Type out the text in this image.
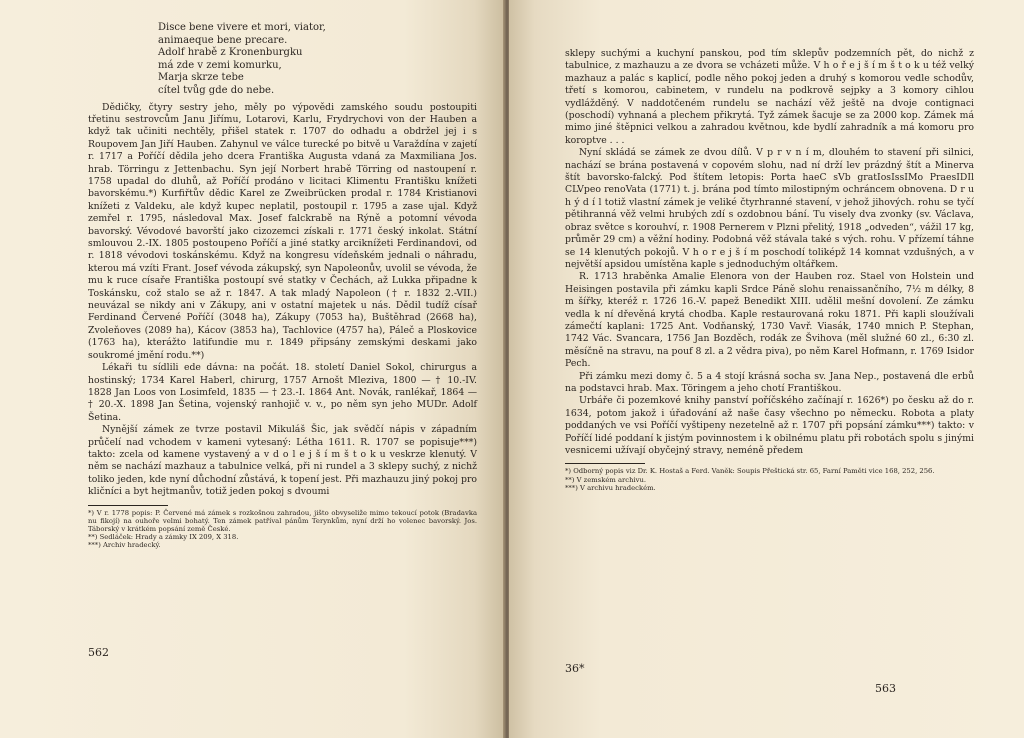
Disce bene vivere et mori, viator,
animaeque bene precare.
Adolf hrabě z Kronenburgku
má zde v zemi komurku,
Marja skrze tebe
cítel tvůg gde do nebe.

Dědičky, čtyry sestry jeho, měly po výpovědi zamského soudu postoupiti třetinu sestrovcům Janu Jiřímu, Lotarovi, Karlu, Frydrychovi von der Hauben a když tak učiniti nechtěly, přišel statek r. 1707 do odhadu a obdržel jej i s Roupovem Jan Jiří Hauben. Zahynul ve válce turecké po bitvě u Varaždína v zajetí r. 1717 a Poříčí dědila jeho dcera Františka Augusta vdaná za Maxmiliana Jos. hrab. Törringu z Jettenbachu. Syn její Norbert hrabě Törring od nastoupení r. 1758 upadal do dluhů, až Poříčí prodáno v licitaci Klimentu Františku knížeti bavorskému.*) Kurfiřtův dědic Karel ze Zweibrücken prodal r. 1784 Kristianovi knížeti z Valdeku, ale když kupec neplatil, postoupil r. 1795 a zase ujal. Když zemřel r. 1795, následoval Max. Josef falckrabě na Rýně a potomní vévoda bavorský. Vévodové bavorští jako cizozemci získali r. 1771 český inkolat. Státní smlouvou 2.-IX. 1805 postoupeno Poříčí a jiné statky arciknížeti Ferdinandovi, od r. 1818 vévodovi toskánskému. Když na kongresu vídeňském jednali o náhradu, kterou má vzíti Frant. Josef vévoda zákupský, syn Napoleonův, uvolil se vévoda, že mu k ruce císaře Františka postoupí své statky v Čechách, až Lukka připadne k Toskánsku, což stalo se až r. 1847. A tak mladý Napoleon († r. 1832 2.-VII.) neuvázal se nikdy ani v Zákupy, ani v ostatní majetek u nás. Dědil tudíž císař Ferdinand Červené Poříčí (3048 ha), Zákupy (7053 ha), Buštěhrad (2668 ha), Zvoleňoves (2089 ha), Kácov (3853 ha), Tachlovice (4757 ha), Páleč a Ploskovice (1763 ha), kterážto latifundie mu r. 1849 připsány zemskými deskami jako soukromé jmění rodu.**)

Lékaři tu sídlili ede dávna: na počát. 18. století Daniel Sokol, chirurgus a hostinský; 1734 Karel Haberl, chirurg, 1757 Arnošt Mleziva, 1800 — † 10.-IV. 1828 Jan Loos von Losimfeld, 1835 — † 23.-I. 1864 Ant. Novák, ranlékař, 1864 — † 20.-X. 1898 Jan Šetina, vojenský ranhojič v. v., po něm syn jeho MUDr. Adolf Šetina.

Nynější zámek ze tvrze postavil Mikuláš Šic, jak svědčí nápis v západním průčelí nad vchodem v kameni vytesaný: Létha 1611. R. 1707 se popisuje***) takto: zcela od kamene vystavený a v d o l e j š í m š t o k u veskrze klenutý. V něm se nachází mazhauz a tabulnice velká, při ni rundel a 3 sklepy suchý, z nichž toliko jeden, kde nyní důchodní zůstává, k topení jest. Při mazhauzu jiný pokoj pro kličníci a byt hejtmanův, totiž jeden pokoj s dvoumi

*) V r. 1778 popis: P. Červené má zámek s rozkošnou zahradou, jišto obvyseliže mimo tekoucí potok (Bradavka nu fikojí) na ouhoře velmi bohatý. Ten zámek patříval pánům Terynkům, nyní drží ho volenec bavorský. Jos. Táborský v krátkém popsání země České.

**) Sedláček: Hrady a zámky IX 209, X 318.

***) Archiv hradecký.

562

sklepy suchými a kuchyní panskou, pod tím sklepův podzemních pět, do nichž z tabulnice, z mazhauzu a ze dvora se vcházeti může. V h o ř e j š í m š t o k u též velký mazhauz a palác s kaplicí, podle něho pokoj jeden a druhý s komorou vedle schodův, třetí s komorou, cabinetem, v rundelu na podkrově sejpky a 3 komory cihlou vydlážděný. V naddotčeném rundelu se nachází věž ještě na dvoje contignaci (poschodí) vyhnaná a plechem přikrytá. Tyž zámek šacuje se za 2000 kop. Zámek má mimo jiné štěpnici velkou a zahradou květnou, kde bydlí zahradník a má komoru pro koroptve . . .

Nyní skládá se zámek ze dvou dílů. V p r v n í m, dlouhém to stavení při silnici, nachází se brána postavená v copovém slohu, nad ní drží lev prázdný štít a Minerva štít bavorsko-falcký. Pod štítem letopis: Porta haeC sVb gratIosIssIMo PraesIDIl CLVpeo renoVata (1771) t. j. brána pod tímto milostipným ochráncem obnovena. D r u h ý d í l totiž vlastní zámek je veliké čtyrhranné stavení, v jehož jihových. rohu se tyčí pětihranná věž velmi hrubých zdí s ozdobnou bání. Tu visely dva zvonky (sv. Václava, obraz světce s korouhví, r. 1908 Pernerem v Plzni přelitý, 1918 „odveden“, vážil 17 kg, průměr 29 cm) a věžní hodiny. Podobná věž stávala také s vých. rohu. V přízemí táhne se 14 klenutých pokojů. V h o r e j š í m poschodí toliképž 14 komnat vzdušných, a v největší apsidou umístěna kaple s jednoduchým oltářkem.

R. 1713 hraběnka Amalie Elenora von der Hauben roz. Stael von Holstein und Heisingen postavila při zámku kapli Srdce Páně slohu renaissančního, 7½ m délky, 8 m šířky, kteréž r. 1726 16.-V. papež Benedikt XIII. udělil mešní dovolení. Ze zámku vedla k ní dřevěná krytá chodba. Kaple restaurovaná roku 1871. Při kapli sloužívali zámečtí kaplani: 1725 Ant. Vodňanský, 1730 Vavř. Viasák, 1740 mnich P. Stephan, 1742 Vác. Svancara, 1756 Jan Bozděch, rodák ze Švihova (měl služné 60 zl., 6:30 zl. měsíčně na stravu, na pouf 8 zl. a 2 vědra piva), po něm Karel Hofmann, r. 1769 Isidor Pech.

Při zámku mezi domy č. 5 a 4 stojí krásná socha sv. Jana Nep., postavená dle erbů na podstavci hrab. Max. Töringem a jeho chotí Františkou.

Urbáře či pozemkové knihy panství poříčského začínají r. 1626*) po česku až do r. 1634, potom jakož i úřadování až naše časy všechno po německu. Robota a platy poddaných ve vsi Poříčí vyštipeny nezetelně až r. 1707 při popsání zámku***) takto: v Poříčí lidé poddaní k jistým povinnostem i k obilnému platu při robotách spolu s jinými vesnicemi užívají obyčejný stravy, neméně předem

*) Odborný popis viz Dr. K. Hostaš a Ferd. Vaněk: Soupis Přeštická str. 65, Farní Paměti vice 168, 252, 256.

**) V zemském archivu.

***) V archivu hradeckém.

36*
563
